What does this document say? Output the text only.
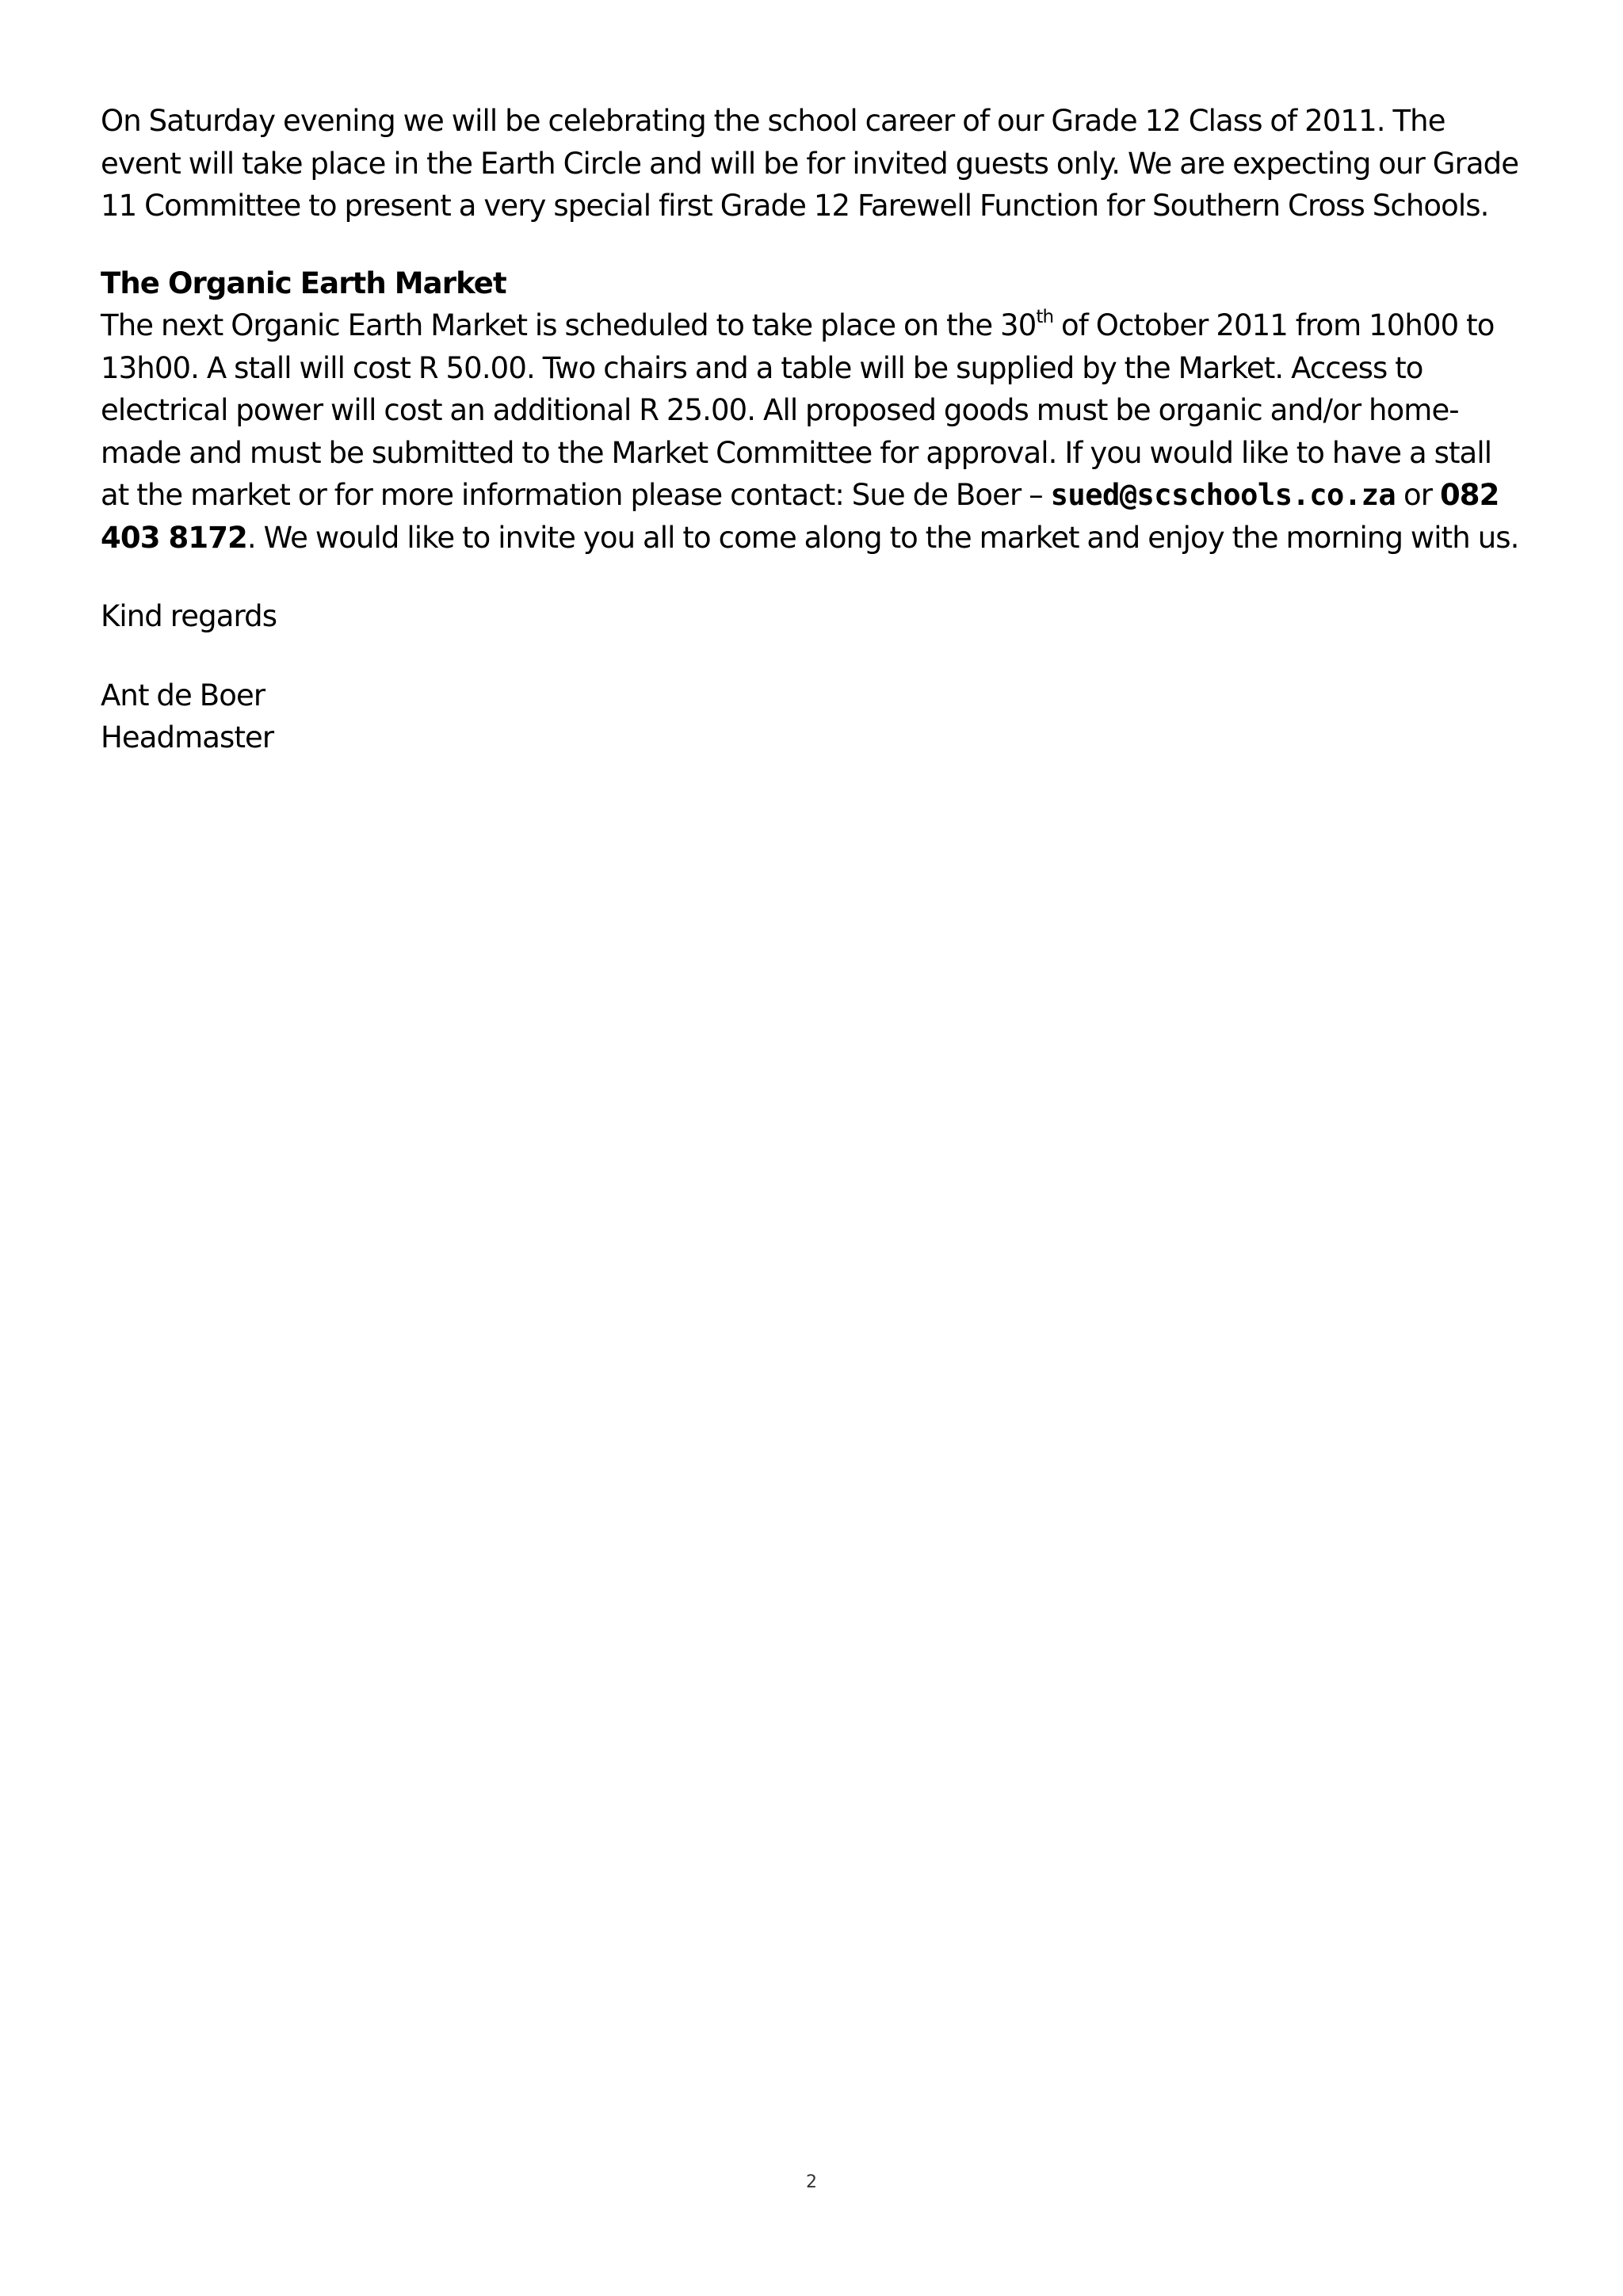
On Saturday evening we will be celebrating the school career of our Grade 12 Class of 2011. The event will take place in the Earth Circle and will be for invited guests only. We are expecting our Grade 11 Committee to present a very special first Grade 12 Farewell Function for Southern Cross Schools.

The Organic Earth Market

The next Organic Earth Market is scheduled to take place on the 30th of October 2011 from 10h00 to 13h00. A stall will cost R 50.00. Two chairs and a table will be supplied by the Market. Access to electrical power will cost an additional R 25.00. All proposed goods must be organic and/or home-made and must be submitted to the Market Committee for approval. If you would like to have a stall at the market or for more information please contact: Sue de Boer – sued@scschools.co.za or 082 403 8172. We would like to invite you all to come along to the market and enjoy the morning with us.

Kind regards

Ant de Boer

Headmaster

2
